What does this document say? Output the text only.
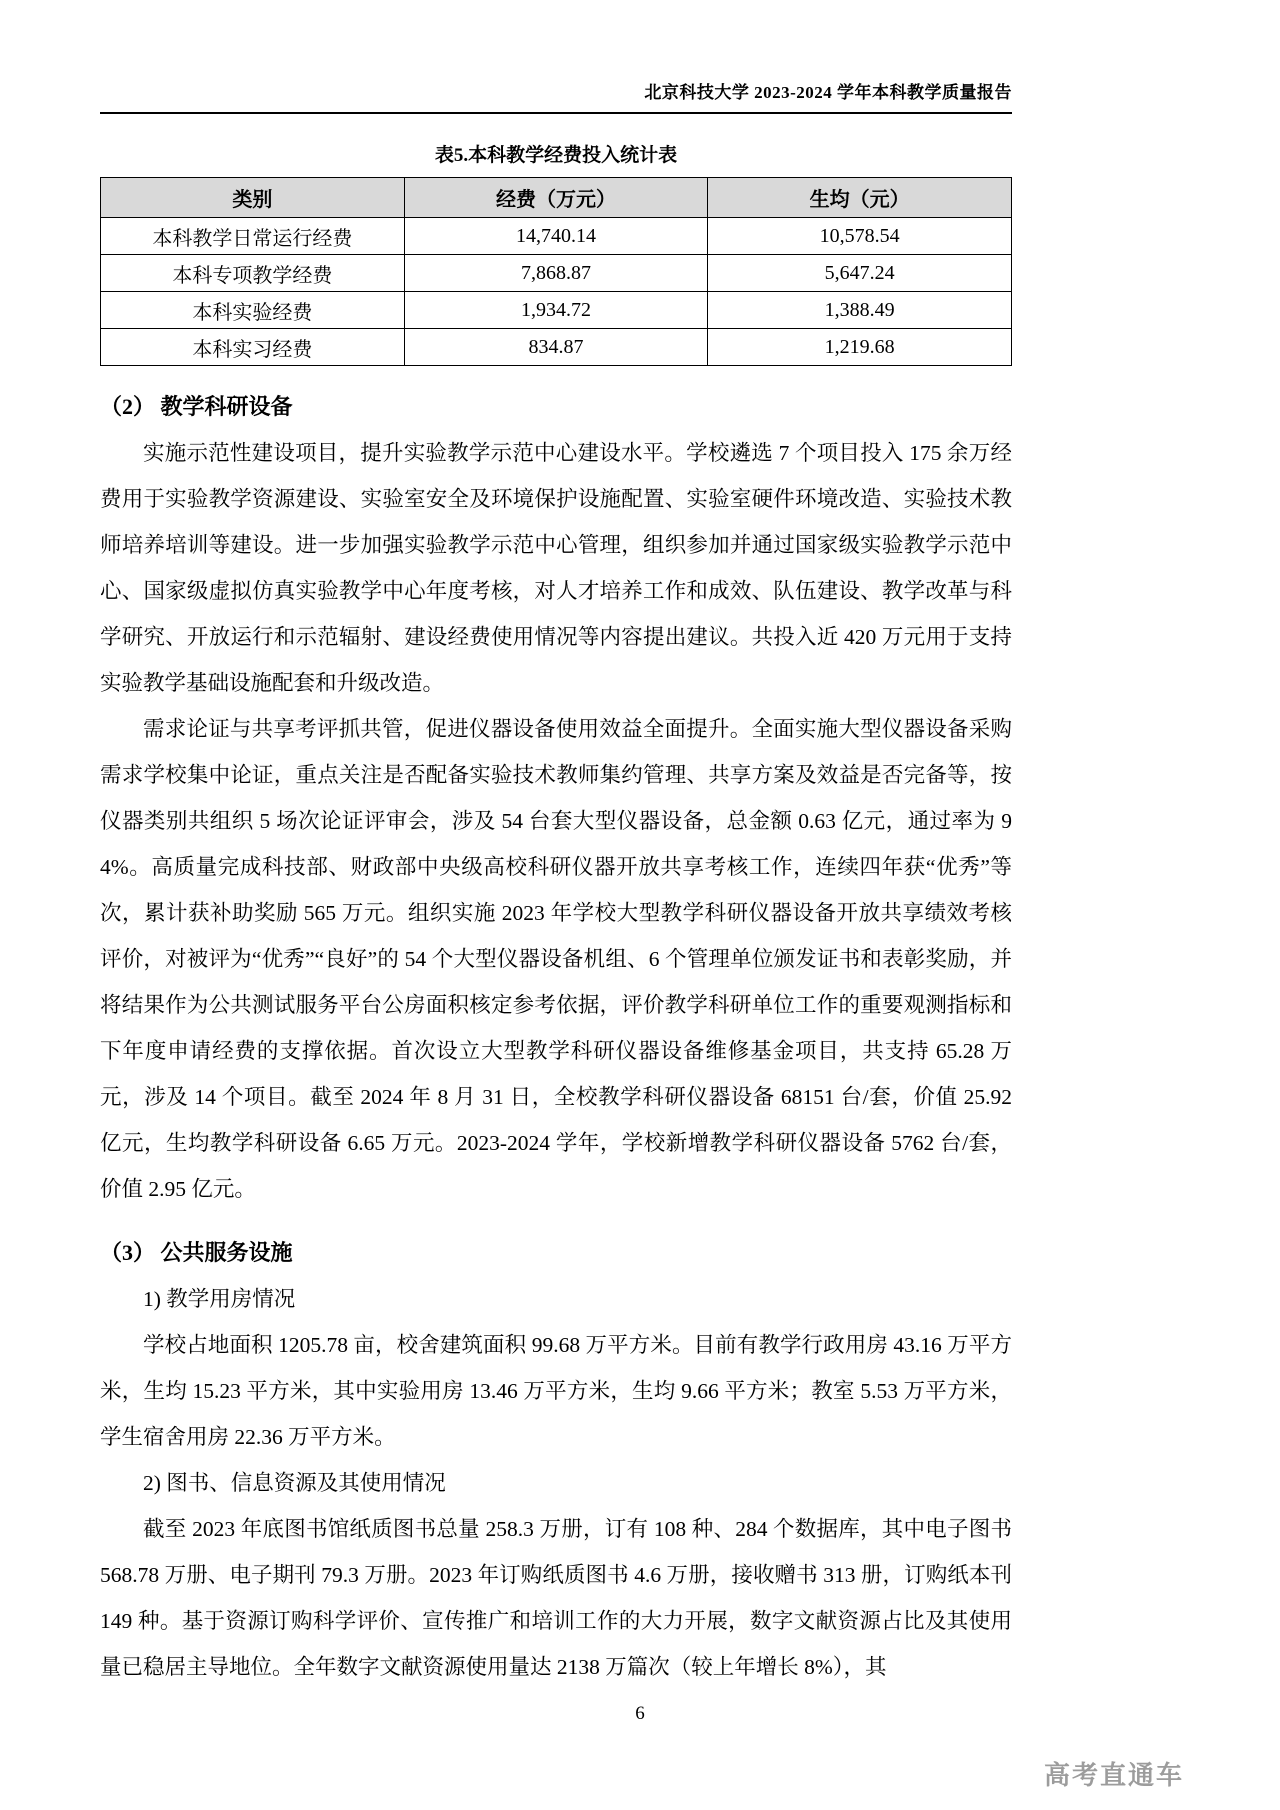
北京科技大学 2023-2024 学年本科教学质量报告
表5.本科教学经费投入统计表
类别	经费（万元）	生均（元）
本科教学日常运行经费	14,740.14	10,578.54
本科专项教学经费	7,868.87	5,647.24
本科实验经费	1,934.72	1,388.49
本科实习经费	834.87	1,219.68
（2） 教学科研设备

实施示范性建设项目，提升实验教学示范中心建设水平。学校遴选 7 个项目投入 175 余万经费用于实验教学资源建设、实验室安全及环境保护设施配置、实验室硬件环境改造、实验技术教师培养培训等建设。进一步加强实验教学示范中心管理，组织参加并通过国家级实验教学示范中心、国家级虚拟仿真实验教学中心年度考核，对人才培养工作和成效、队伍建设、教学改革与科学研究、开放运行和示范辐射、建设经费使用情况等内容提出建议。共投入近 420 万元用于支持实验教学基础设施配套和升级改造。

需求论证与共享考评抓共管，促进仪器设备使用效益全面提升。全面实施大型仪器设备采购需求学校集中论证，重点关注是否配备实验技术教师集约管理、共享方案及效益是否完备等，按仪器类别共组织 5 场次论证评审会，涉及 54 台套大型仪器设备，总金额 0.63 亿元，通过率为 94%。高质量完成科技部、财政部中央级高校科研仪器开放共享考核工作，连续四年获“优秀”等次，累计获补助奖励 565 万元。组织实施 2023 年学校大型教学科研仪器设备开放共享绩效考核评价，对被评为“优秀”“良好”的 54 个大型仪器设备机组、6 个管理单位颁发证书和表彰奖励，并将结果作为公共测试服务平台公房面积核定参考依据，评价教学科研单位工作的重要观测指标和下年度申请经费的支撑依据。首次设立大型教学科研仪器设备维修基金项目，共支持 65.28 万元，涉及 14 个项目。截至 2024 年 8 月 31 日，全校教学科研仪器设备 68151 台/套，价值 25.92 亿元，生均教学科研设备 6.65 万元。2023-2024 学年，学校新增教学科研仪器设备 5762 台/套，价值 2.95 亿元。

（3） 公共服务设施
1) 教学用房情况

学校占地面积 1205.78 亩，校舍建筑面积 99.68 万平方米。目前有教学行政用房 43.16 万平方米，生均 15.23 平方米，其中实验用房 13.46 万平方米，生均 9.66 平方米；教室 5.53 万平方米，学生宿舍用房 22.36 万平方米。

2) 图书、信息资源及其使用情况

截至 2023 年底图书馆纸质图书总量 258.3 万册，订有 108 种、284 个数据库，其中电子图书 568.78 万册、电子期刊 79.3 万册。2023 年订购纸质图书 4.6 万册，接收赠书 313 册，订购纸本刊 149 种。基于资源订购科学评价、宣传推广和培训工作的大力开展，数字文献资源占比及其使用量已稳居主导地位。全年数字文献资源使用量达 2138 万篇次（较上年增长 8%），其

6
高考直通车
